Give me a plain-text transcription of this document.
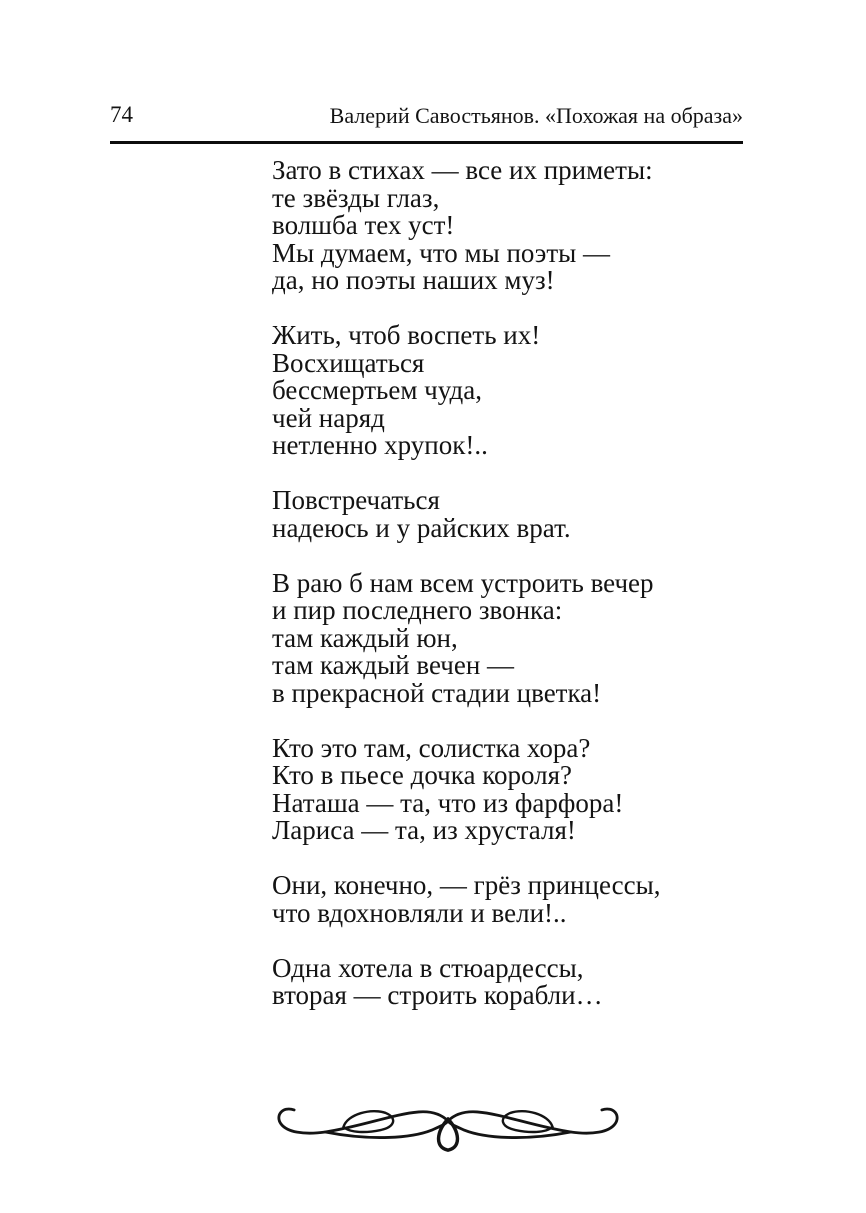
74	Валерий Савостьянов. «Похожая на образа»
Зато в стихах — все их приметы:
те звёзды глаз,
волшба тех уст!
Мы думаем, что мы поэты —
да, но поэты наших муз!
Жить, чтоб воспеть их!
Восхищаться
бессмертьем чуда,
чей наряд
нетленно хрупок!..
Повстречаться
надеюсь и у райских врат.
В раю б нам всем устроить вечер
и пир последнего звонка:
там каждый юн,
там каждый вечен —
в прекрасной стадии цветка!
Кто это там, солистка хора?
Кто в пьесе дочка короля?
Наташа — та, что из фарфора!
Лариса — та, из хрусталя!
Они, конечно, — грёз принцессы,
что вдохновляли и вели!..
Одна хотела в стюардессы,
вторая — строить корабли…
